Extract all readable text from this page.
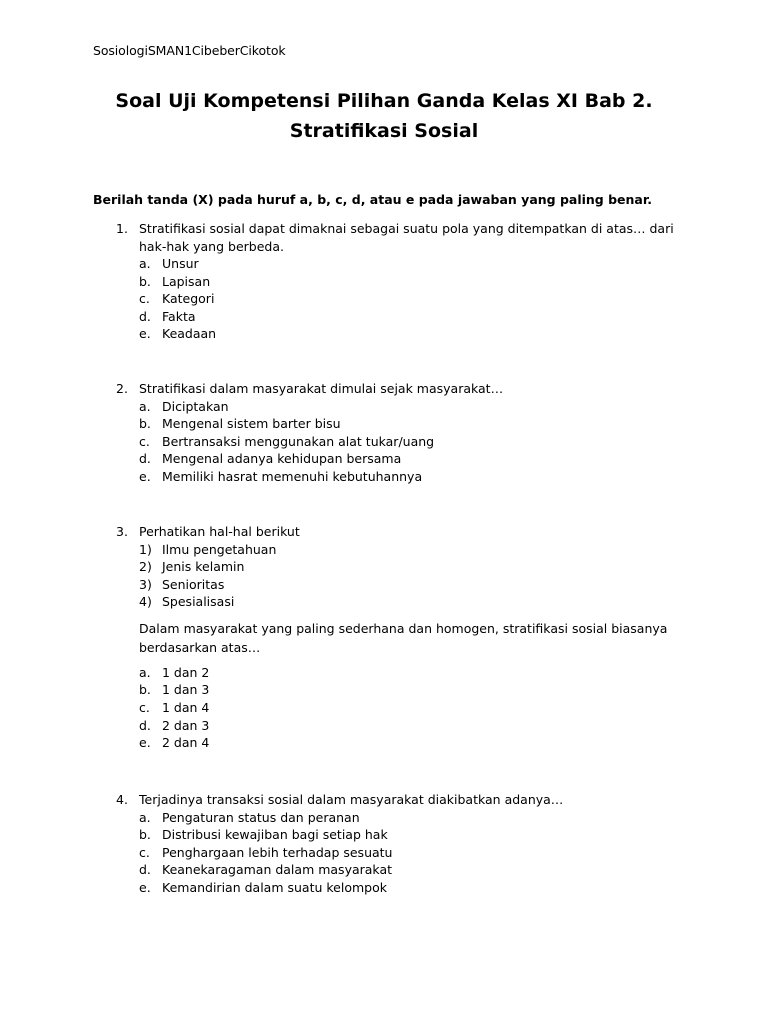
SosiologiSMAN1CibeberCikotok
Soal Uji Kompetensi Pilihan Ganda Kelas XI Bab 2.
Stratifikasi Sosial
Berilah tanda (X) pada huruf a, b, c, d, atau e pada jawaban yang paling benar.
1. Stratifikasi sosial dapat dimaknai sebagai suatu pola yang ditempatkan di atas… dari hak-hak yang berbeda.
a. Unsur
b. Lapisan
c. Kategori
d. Fakta
e. Keadaan
2. Stratifikasi dalam masyarakat dimulai sejak masyarakat…
a. Diciptakan
b. Mengenal sistem barter bisu
c. Bertransaksi menggunakan alat tukar/uang
d. Mengenal adanya kehidupan bersama
e. Memiliki hasrat memenuhi kebutuhannya
3. Perhatikan hal-hal berikut
1) Ilmu pengetahuan
2) Jenis kelamin
3) Senioritas
4) Spesialisasi
Dalam masyarakat yang paling sederhana dan homogen, stratifikasi sosial biasanya berdasarkan atas…
a. 1 dan 2
b. 1 dan 3
c. 1 dan 4
d. 2 dan 3
e. 2 dan 4
4. Terjadinya transaksi sosial dalam masyarakat diakibatkan adanya…
a. Pengaturan status dan peranan
b. Distribusi kewajiban bagi setiap hak
c. Penghargaan lebih terhadap sesuatu
d. Keanekaragaman dalam masyarakat
e. Kemandirian dalam suatu kelompok
